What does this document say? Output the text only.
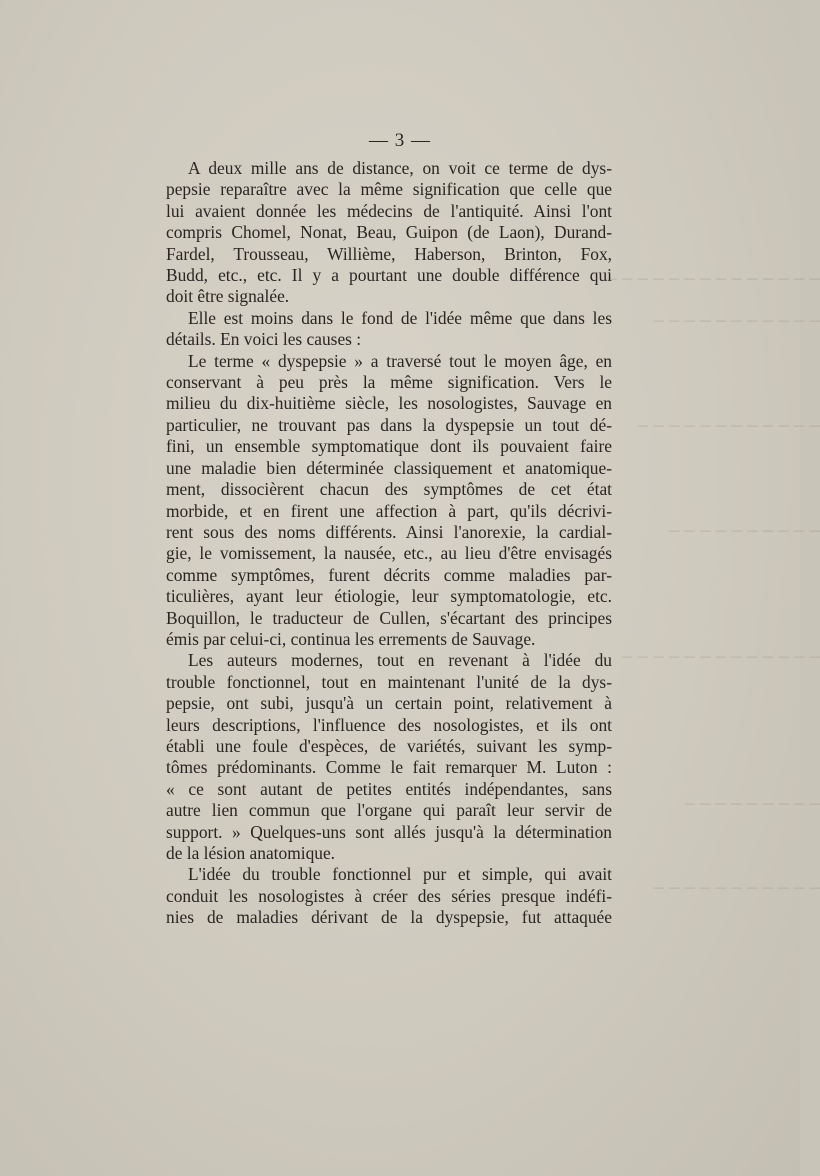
─ ─ ─ ─ ─ ─ ─ ─ ─ ─ ─ ─ ─ ─

─ ─ ─ ─ ─ ─ ─ ─ ─ ─ ─

─ ─ ─ ─ ─ ─ ─ ─ ─ ─ ─ ─

─ ─ ─ ─ ─ ─ ─ ─ ─ ─

─ ─ ─ ─ ─ ─ ─ ─ ─ ─ ─ ─ ─

─ ─ ─ ─ ─ ─ ─ ─ ─

─ ─ ─ ─ ─ ─ ─ ─ ─ ─ ─
— 3 —
A deux mille ans de distance, on voit ce terme de dys-
pepsie reparaître avec la même signification que celle que
lui avaient donnée les médecins de l'antiquité. Ainsi l'ont
compris Chomel, Nonat, Beau, Guipon (de Laon), Durand-
Fardel, Trousseau, Willième, Haberson, Brinton, Fox,
Budd, etc., etc. Il y a pourtant une double différence qui
doit être signalée.
Elle est moins dans le fond de l'idée même que dans les
détails. En voici les causes :
Le terme « dyspepsie » a traversé tout le moyen âge, en
conservant à peu près la même signification. Vers le
milieu du dix-huitième siècle, les nosologistes, Sauvage en
particulier, ne trouvant pas dans la dyspepsie un tout dé-
fini, un ensemble symptomatique dont ils pouvaient faire
une maladie bien déterminée classiquement et anatomique-
ment, dissocièrent chacun des symptômes de cet état
morbide, et en firent une affection à part, qu'ils décrivi-
rent sous des noms différents. Ainsi l'anorexie, la cardial-
gie, le vomissement, la nausée, etc., au lieu d'être envisagés
comme symptômes, furent décrits comme maladies par-
ticulières, ayant leur étiologie, leur symptomatologie, etc.
Boquillon, le traducteur de Cullen, s'écartant des principes
émis par celui-ci, continua les errements de Sauvage.
Les auteurs modernes, tout en revenant à l'idée du
trouble fonctionnel, tout en maintenant l'unité de la dys-
pepsie, ont subi, jusqu'à un certain point, relativement à
leurs descriptions, l'influence des nosologistes, et ils ont
établi une foule d'espèces, de variétés, suivant les symp-
tômes prédominants. Comme le fait remarquer M. Luton :
« ce sont autant de petites entités indépendantes, sans
autre lien commun que l'organe qui paraît leur servir de
support. » Quelques-uns sont allés jusqu'à la détermination
de la lésion anatomique.
L'idée du trouble fonctionnel pur et simple, qui avait
conduit les nosologistes à créer des séries presque indéfi-
nies de maladies dérivant de la dyspepsie, fut attaquée
